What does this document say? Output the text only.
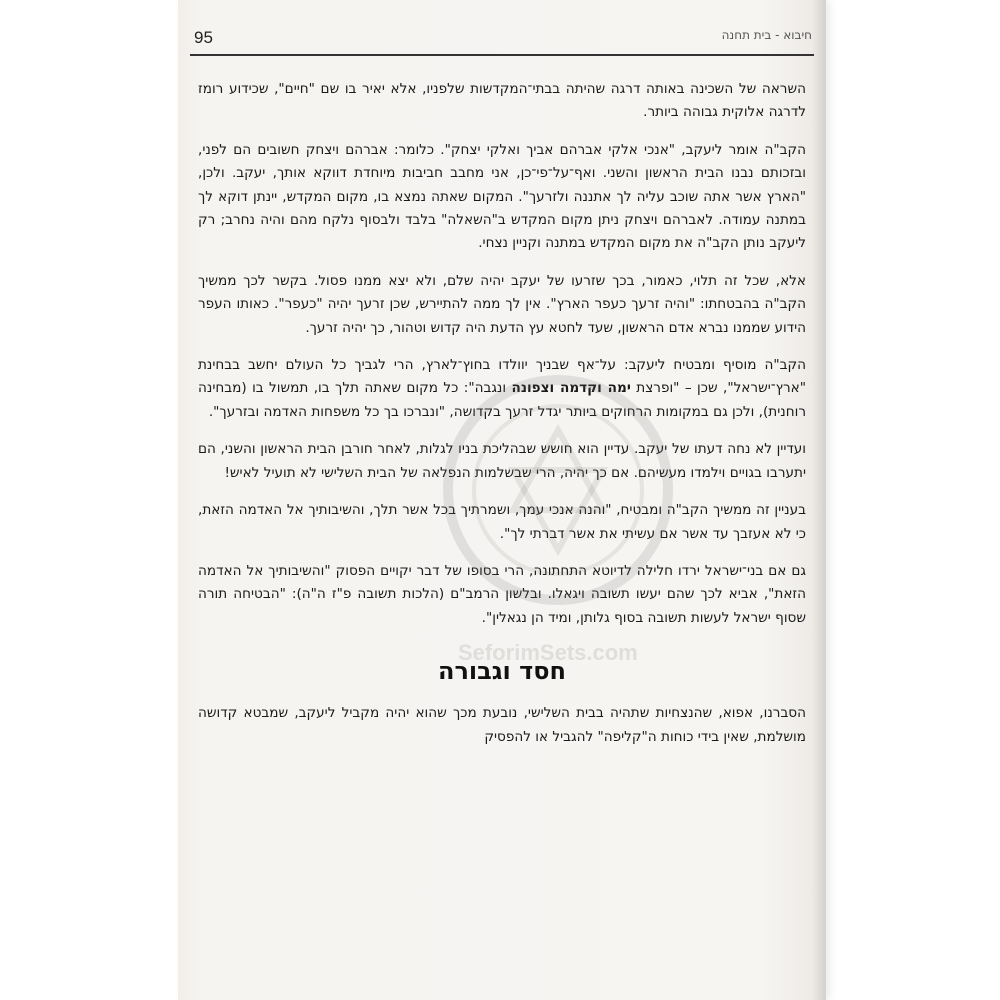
95	חיבוא - בית תחנה

השראה של השכינה באותה דרגה שהיתה בבתי־המקדשות שלפניו, אלא יאיר בו שם "חיים", שכידוע רומז לדרגה אלוקית גבוהה ביותר.

הקב"ה אומר ליעקב, "אנכי אלקי אברהם אביך ואלקי יצחק". כלומר: אברהם ויצחק חשובים הם לפני, ובזכותם נבנו הבית הראשון והשני. ואף־על־פי־כן, אני מחבב חביבות מיוחדת דווקא אותך, יעקב. ולכן, "הארץ אשר אתה שוכב עליה לך אתננה ולזרעך". המקום שאתה נמצא בו, מקום המקדש, יינתן דוקא לך במתנה עמודה. לאברהם ויצחק ניתן מקום המקדש ב"השאלה" בלבד ולבסוף נלקח מהם והיה נחרב; רק ליעקב נותן הקב"ה את מקום המקדש במתנה וקניין נצחי.

אלא, שכל זה תלוי, כאמור, בכך שזרעו של יעקב יהיה שלם, ולא יצא ממנו פסול. בקשר לכך ממשיך הקב"ה בהבטחתו: "והיה זרעך כעפר הארץ". אין לך ממה להתיירש, שכן זרעך יהיה "כעפר". כאותו העפר הידוע שממנו נברא אדם הראשון, שעד לחטא עץ הדעת היה קדוש וטהור, כך יהיה זרעך.

הקב"ה מוסיף ומבטיח ליעקב: על־אף שבניך יוולדו בחוץ־לארץ, הרי לגביך כל העולם יחשב בבחינת "ארץ־ישראל", שכן – "ופרצת ימה וקדמה וצפונה ונגבה": כל מקום שאתה תלך בו, תמשול בו (מבחינה רוחנית), ולכן גם במקומות הרחוקים ביותר יגדל זרעך בקדושה, "ונברכו בך כל משפחות האדמה ובזרעך".

ועדיין לא נחה דעתו של יעקב. עדיין הוא חושש שבהליכת בניו לגלות, לאחר חורבן הבית הראשון והשני, הם יתערבו בגויים וילמדו מעשיהם. אם כך יהיה, הרי שבשלמות הנפלאה של הבית השלישי לא תועיל לאיש!

בעניין זה ממשיך הקב"ה ומבטיח, "והנה אנכי עמך, ושמרתיך בכל אשר תלך, והשיבותיך אל האדמה הזאת, כי לא אעזבך עד אשר אם עשיתי את אשר דברתי לך".

גם אם בני־ישראל ירדו חלילה לדיוטא התחתונה, הרי בסופו של דבר יקויים הפסוק "והשיבותיך אל האדמה הזאת", אביא לכך שהם יעשו תשובה ויגאלו. ובלשון הרמב"ם (הלכות תשובה פ"ז ה"ה): "הבטיחה תורה שסוף ישראל לעשות תשובה בסוף גלותן, ומיד הן נגאלין".

חסד וגבורה

הסברנו, אפוא, שהנצחיות שתהיה בבית השלישי, נובעת מכך שהוא יהיה מקביל ליעקב, שמבטא קדושה מושלמת, שאין בידי כוחות ה"קליפה" להגביל או להפסיק

SeforimSets.com
